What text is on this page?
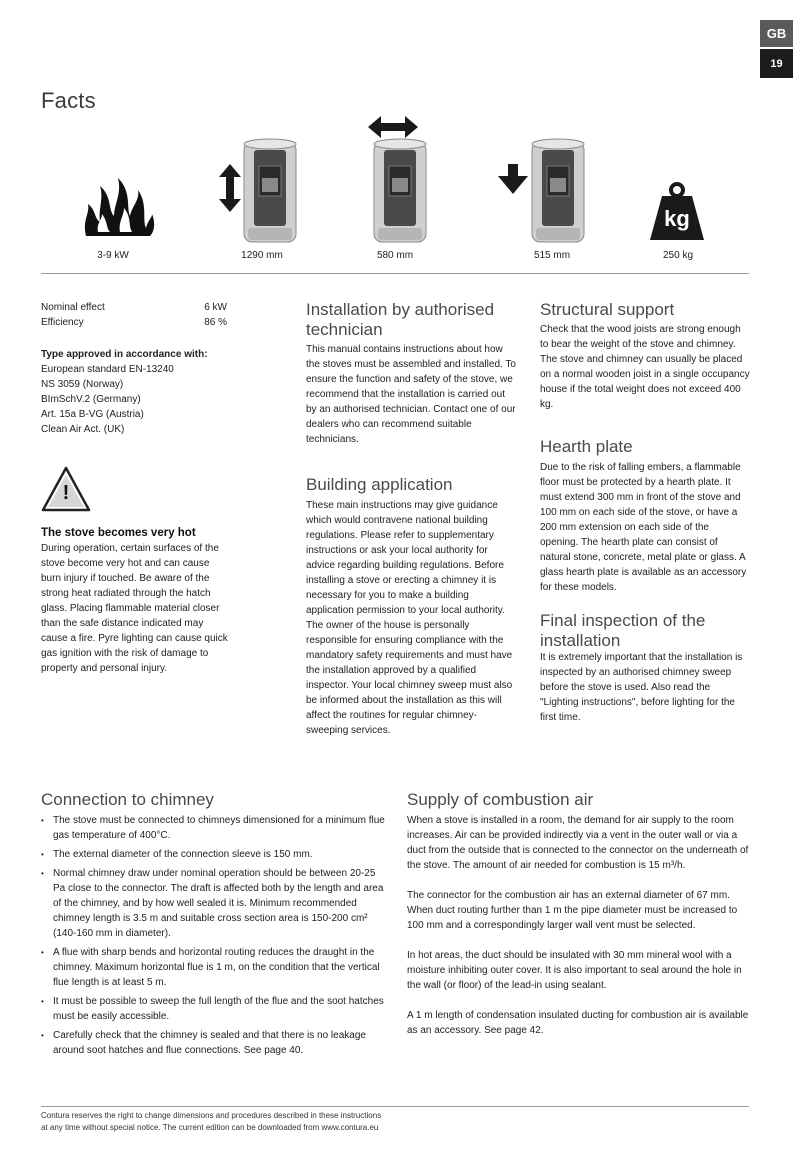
GB
19
Facts
kg
3-9 kW	1290 mm	580 mm	515 mm	250 kg
Nominal effect	6 kW
Efficiency	86 %
Type approved in accordance with:
European standard EN-13240
NS 3059 (Norway)
BImSchV.2 (Germany)
Art. 15a B-VG (Austria)
Clean Air Act. (UK)
!

The stove becomes very hot

During operation, certain surfaces of the stove become very hot and can cause burn injury if touched. Be aware of the strong heat radiated through the hatch glass. Placing flammable material closer than the safe distance indicated may cause a fire. Pyre lighting can cause quick gas ignition with the risk of damage to property and personal injury.

Installation by authorised technician

This manual contains instructions about how the stoves must be assembled and installed. To ensure the function and safety of the stove, we recommend that the installation is carried out by an authorised technician. Contact one of our dealers who can recommend suitable technicians.

Building application

These main instructions may give guidance which would contravene national building regulations. Please refer to supplementary instructions or ask your local authority for advice regarding building regulations. Before installing a stove or erecting a chimney it is necessary for you to make a building application permission to your local authority. The owner of the house is personally responsible for ensuring compliance with the mandatory safety requirements and must have the installation approved by a qualified inspector. Your local chimney sweep must also be informed about the installation as this will affect the routines for regular chimney-sweeping services.

Structural support

Check that the wood joists are strong enough to bear the weight of the stove and chimney. The stove and chimney can usually be placed on a normal wooden joist in a single occupancy house if the total weight does not exceed 400 kg.

Hearth plate

Due to the risk of falling embers, a flammable floor must be protected by a hearth plate. It must extend 300 mm in front of the stove and 100 mm on each side of the stove, or have a 200 mm extension on each side of the opening. The hearth plate can consist of natural stone, concrete, metal plate or glass. A glass hearth plate is available as an accessory for these models.

Final inspection of the installation

It is extremely important that the installation is inspected by an authorised chimney sweep before the stove is used. Also read the "Lighting instructions", before lighting for the first time.

Connection to chimney
• The stove must be connected to chimneys dimensioned for a minimum flue gas temperature of 400°C.
• The external diameter of the connection sleeve is 150 mm.
• Normal chimney draw under nominal operation should be between 20-25 Pa close to the connector. The draft is affected both by the length and area of the chimney, and by how well sealed it is. Minimum recommended chimney length is 3.5 m and suitable cross section area is 150-200 cm² (140-160 mm in diameter).
• A flue with sharp bends and horizontal routing reduces the draught in the chimney. Maximum horizontal flue is 1 m, on the condition that the vertical flue length is at least 5 m.
• It must be possible to sweep the full length of the flue and the soot hatches must be easily accessible.
• Carefully check that the chimney is sealed and that there is no leakage around soot hatches and flue connections. See page 40.
Supply of combustion air

When a stove is installed in a room, the demand for air supply to the room increases. Air can be provided indirectly via a vent in the outer wall or via a duct from the outside that is connected to the connector on the underneath of the stove. The amount of air needed for combustion is 15 m³/h.

The connector for the combustion air has an external diameter of 67 mm. When duct routing further than 1 m the pipe diameter must be increased to 100 mm and a correspondingly larger wall vent must be selected.

In hot areas, the duct should be insulated with 30 mm mineral wool with a moisture inhibiting outer cover. It is also important to seal around the hole in the wall (or floor) of the lead-in using sealant.

A 1 m length of condensation insulated ducting for combustion air is available as an accessory. See page 42.

Contura reserves the right to change dimensions and procedures described in these instructions
at any time without special notice. The current edition can be downloaded from www.contura.eu
